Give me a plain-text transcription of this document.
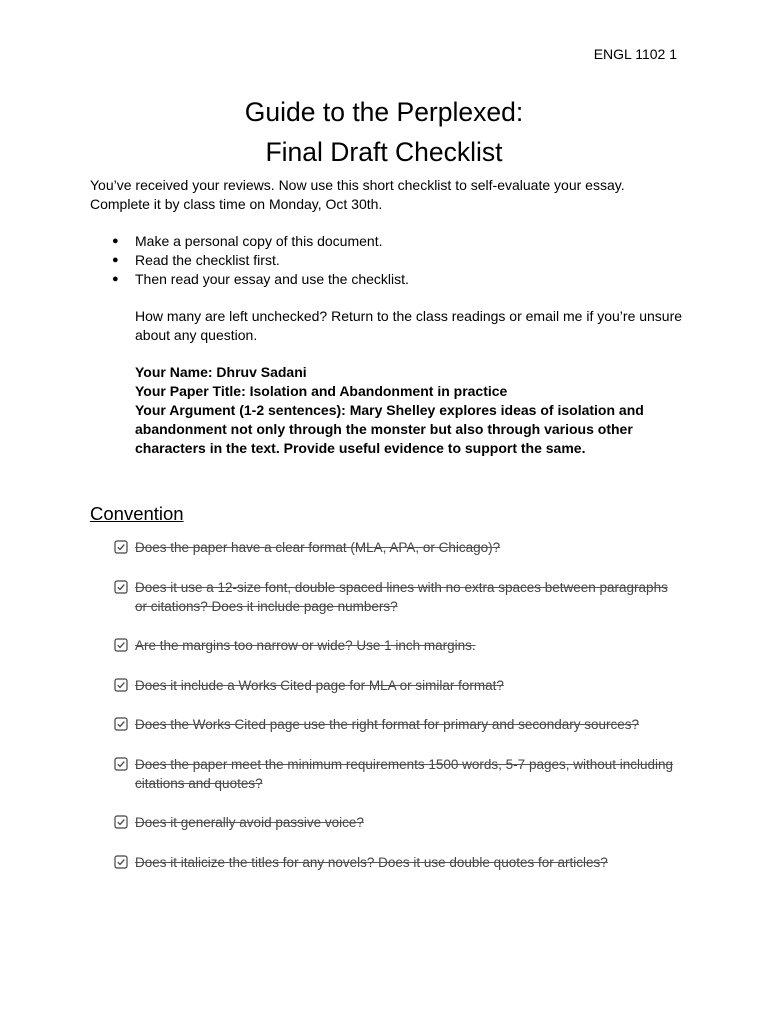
ENGL 1102 1
Guide to the Perplexed:
Final Draft Checklist

You’ve received your reviews. Now use this short checklist to self-evaluate your essay.
Complete it by class time on Monday, Oct 30th.

● Make a personal copy of this document.
● Read the checklist first.
● Then read your essay and use the checklist.

How many are left unchecked? Return to the class readings or email me if you’re unsure about any question.

Your Name: Dhruv Sadani
Your Paper Title: Isolation and Abandonment in practice
Your Argument (1-2 sentences): Mary Shelley explores ideas of isolation and abandonment not only through the monster but also through various other characters in the text. Provide useful evidence to support the same.
Convention
Does the paper have a clear format (MLA, APA, or Chicago)?
Does it use a 12-size font, double spaced lines with no extra spaces between paragraphs or citations? Does it include page numbers?
Are the margins too narrow or wide? Use 1 inch margins.
Does it include a Works Cited page for MLA or similar format?
Does the Works Cited page use the right format for primary and secondary sources?
Does the paper meet the minimum requirements 1500 words, 5-7 pages, without including citations and quotes?
Does it generally avoid passive voice?
Does it italicize the titles for any novels? Does it use double quotes for articles?
